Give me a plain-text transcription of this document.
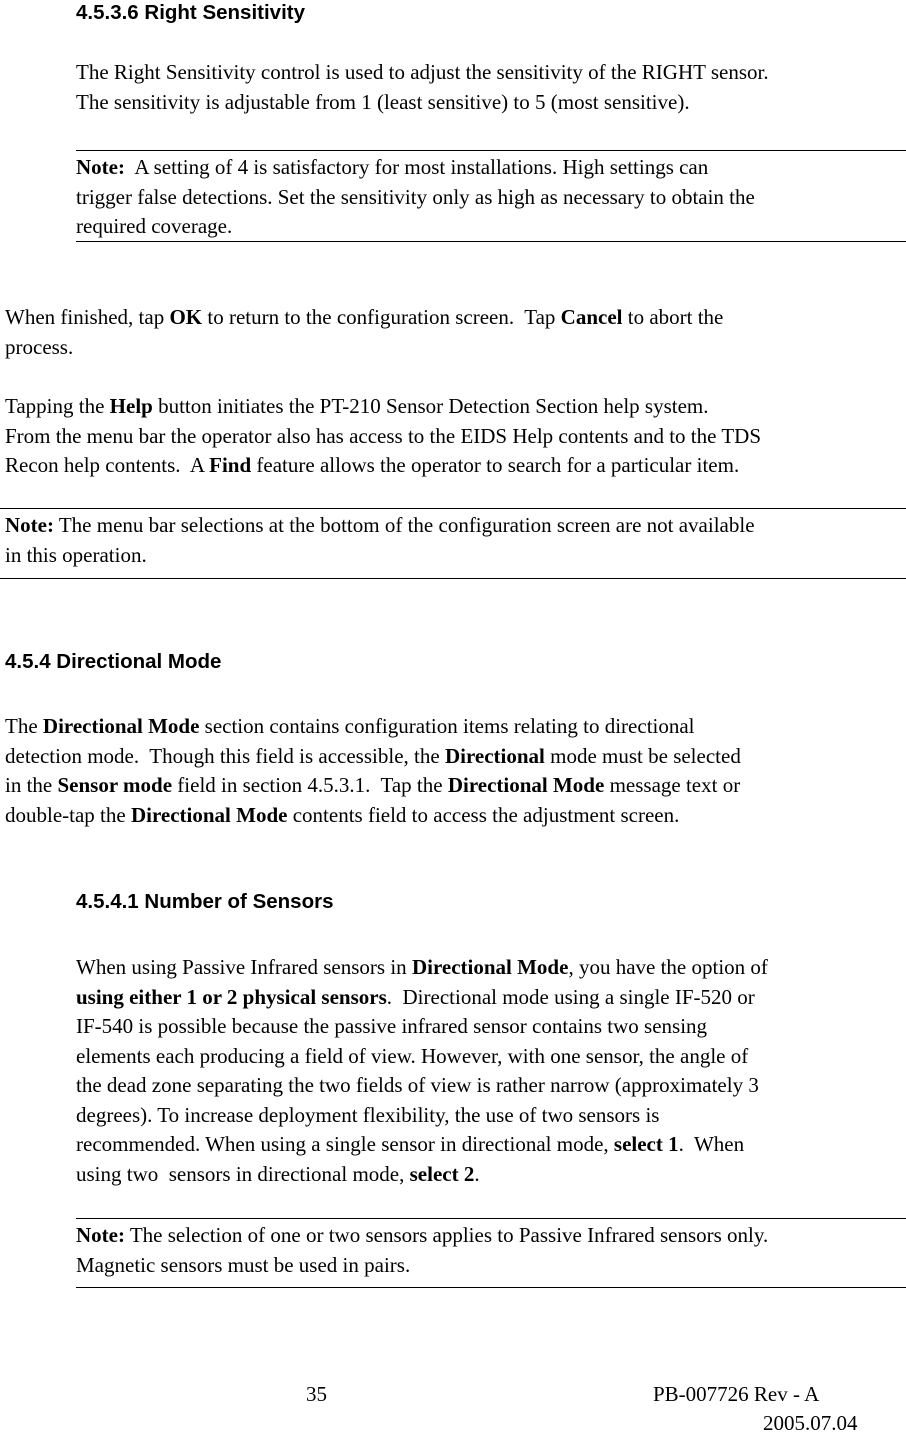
4.5.3.6 Right Sensitivity
The Right Sensitivity control is used to adjust the sensitivity of the RIGHT sensor.
The sensitivity is adjustable from 1 (least sensitive) to 5 (most sensitive).
Note:  A setting of 4 is satisfactory for most installations. High settings can
trigger false detections. Set the sensitivity only as high as necessary to obtain the
required coverage.
When finished, tap OK to return to the configuration screen.  Tap Cancel to abort the
process.
Tapping the Help button initiates the PT-210 Sensor Detection Section help system.
From the menu bar the operator also has access to the EIDS Help contents and to the TDS
Recon help contents.  A Find feature allows the operator to search for a particular item.
Note: The menu bar selections at the bottom of the configuration screen are not available
in this operation.
4.5.4 Directional Mode
The Directional Mode section contains configuration items relating to directional
detection mode.  Though this field is accessible, the Directional mode must be selected
in the Sensor mode field in section 4.5.3.1.  Tap the Directional Mode message text or
double-tap the Directional Mode contents field to access the adjustment screen.
4.5.4.1 Number of Sensors
When using Passive Infrared sensors in Directional Mode, you have the option of
using either 1 or 2 physical sensors.  Directional mode using a single IF-520 or
IF-540 is possible because the passive infrared sensor contains two sensing
elements each producing a field of view. However, with one sensor, the angle of
the dead zone separating the two fields of view is rather narrow (approximately 3
degrees). To increase deployment flexibility, the use of two sensors is
recommended. When using a single sensor in directional mode, select 1.  When
using two  sensors in directional mode, select 2.
Note: The selection of one or two sensors applies to Passive Infrared sensors only.
Magnetic sensors must be used in pairs.
35	PB-007726 Rev - A
2005.07.04
